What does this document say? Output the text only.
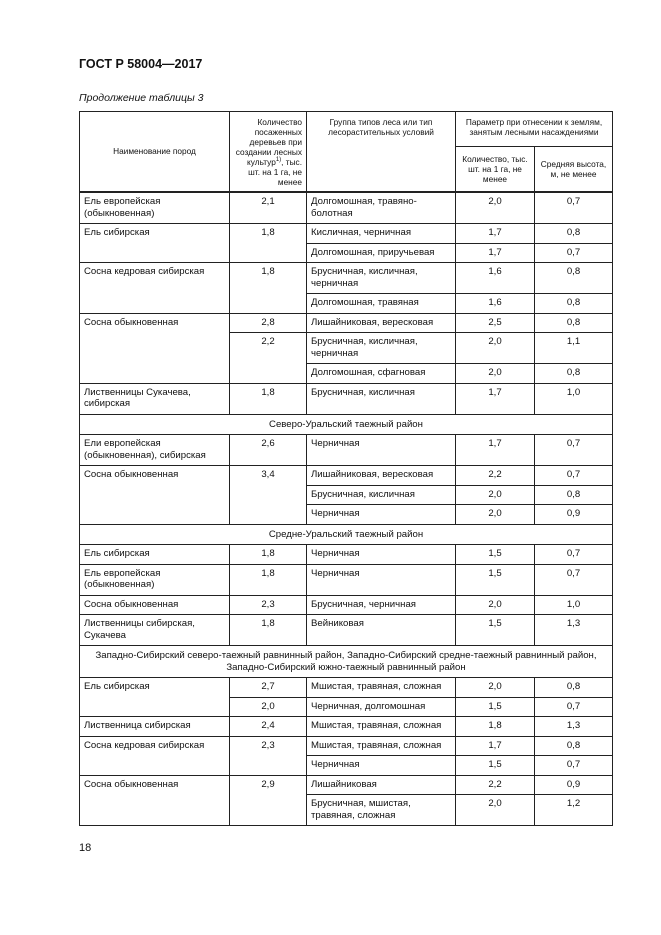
ГОСТ Р 58004—2017
Продолжение таблицы 3
Наименование пород	Количество посаженных деревьев при создании лесных культур$^{1)}$, тыс. шт. на 1 га, не менее	Группа типов леса или тип лесорастительных условий	Параметр при отнесении к землям, занятым лесными насаждениями	
			Количество, тыс. шт. на 1 га, не менее	Средняя высота, м, не менее
Ель европейская (обыкновенная)	2,1	Долгомошная, травяно-болотная	2,0	0,7
Ель сибирская	1,8	Кисличная, черничная	1,7	0,8
		Долгомошная, приручьевая	1,7	0,7
Сосна кедровая сибирская	1,8	Брусничная, кисличная, черничная	1,6	0,8
		Долгомошная, травяная	1,6	0,8
Сосна обыкновенная	2,8	Лишайниковая, вересковая	2,5	0,8
	2,2	Брусничная, кисличная, черничная	2,0	1,1
		Долгомошная, сфагновая	2,0	0,8
Лиственницы Сукачева, сибирская	1,8	Брусничная, кисличная	1,7	1,0
Северо-Уральский таежный район				
Ели европейская (обыкновенная), сибирская	2,6	Черничная	1,7	0,7
Сосна обыкновенная	3,4	Лишайниковая, вересковая	2,2	0,7
		Брусничная, кисличная	2,0	0,8
		Черничная	2,0	0,9
Средне-Уральский таежный район				
Ель сибирская	1,8	Черничная	1,5	0,7
Ель европейская (обыкновенная)	1,8	Черничная	1,5	0,7
Сосна обыкновенная	2,3	Брусничная, черничная	2,0	1,0
Лиственницы сибирская, Сукачева	1,8	Вейниковая	1,5	1,3
Западно-Сибирский северо-таежный равнинный район, Западно-Сибирский средне-таежный равнинный район, Западно-Сибирский южно-таежный равнинный район				
Ель сибирская	2,7	Мшистая, травяная, сложная	2,0	0,8
	2,0	Черничная, долгомошная	1,5	0,7
Лиственница сибирская	2,4	Мшистая, травяная, сложная	1,8	1,3
Сосна кедровая сибирская	2,3	Мшистая, травяная, сложная	1,7	0,8
		Черничная	1,5	0,7
Сосна обыкновенная	2,9	Лишайниковая	2,2	0,9
		Брусничная, мшистая, травяная, сложная	2,0	1,2
18
